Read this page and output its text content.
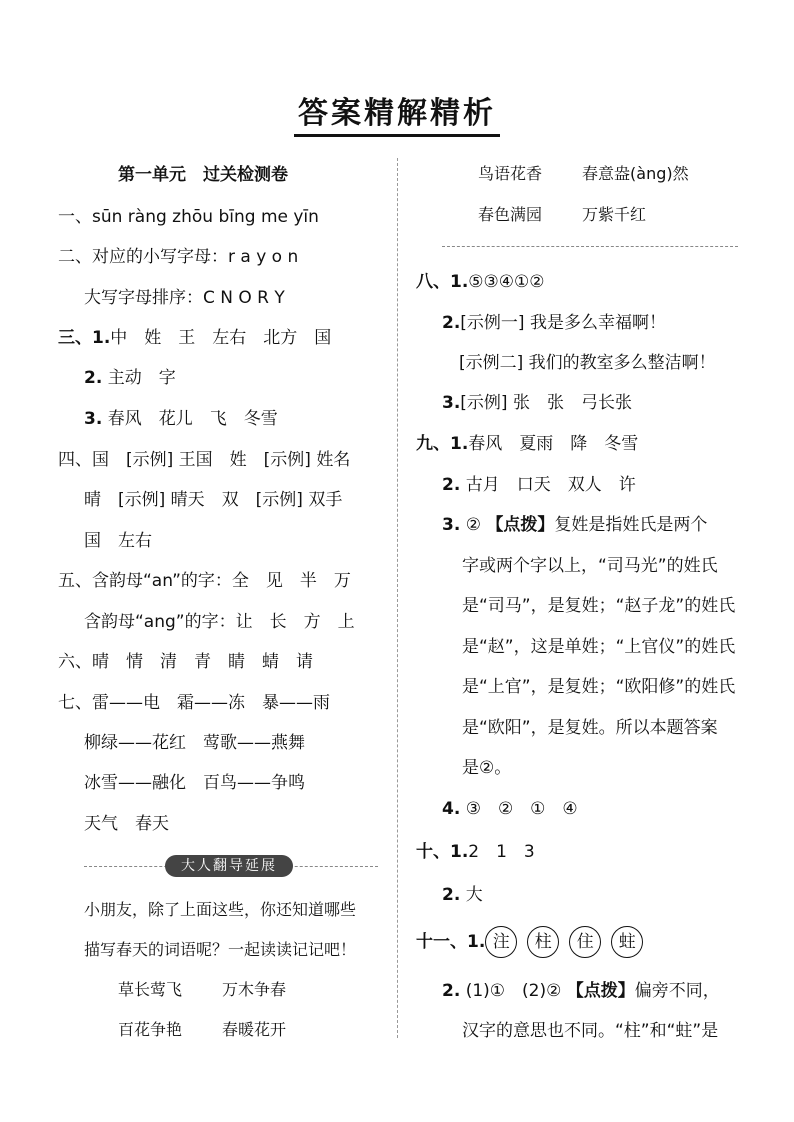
答案精解精析
第一单元　过关检测卷
一、sūn ràng zhōu bīng me yīn
二、对应的小写字母：r a y o n
大写字母排序：C N O R Y
三、1.中　姓　王　左右　北方　国
2. 主动　字
3. 春风　花儿　飞　冬雪
四、国　[示例] 王国　姓　[示例] 姓名
晴　[示例] 晴天　双　[示例] 双手
国　左右
五、含韵母“an”的字：全　见　半　万
含韵母“ang”的字：让　长　方　上
六、晴　情　清　青　睛　蜻　请
七、雷——电　霜——冻　暴——雨
柳绿——花红　莺歌——燕舞
冰雪——融化　百鸟——争鸣
天气　春天
大人翻导延展
小朋友，除了上面这些，你还知道哪些
描写春天的词语呢？一起读读记记吧！
草长莺飞	万木争春
百花争艳	春暖花开
鸟语花香	春意盎(àng)然
春色满园	万紫千红
八、1.⑤③④①②
2.[示例一] 我是多么幸福啊！
[示例二] 我们的教室多么整洁啊！
3.[示例] 张　张　弓长张
九、1.春风　夏雨　降　冬雪
2. 古月　口天　双人　许
3. ② 【点拨】复姓是指姓氏是两个
字或两个字以上，“司马光”的姓氏
是“司马”，是复姓；“赵子龙”的姓氏
是“赵”，这是单姓；“上官仪”的姓氏
是“上官”，是复姓；“欧阳修”的姓氏
是“欧阳”，是复姓。所以本题答案
是②。
4. ③　②　①　④
十、1.2　1　3
2. 大
十一、1. 注 柱 住 蛀
2. (1)①　(2)② 【点拨】偏旁不同，
汉字的意思也不同。“柱”和“蛀”是
